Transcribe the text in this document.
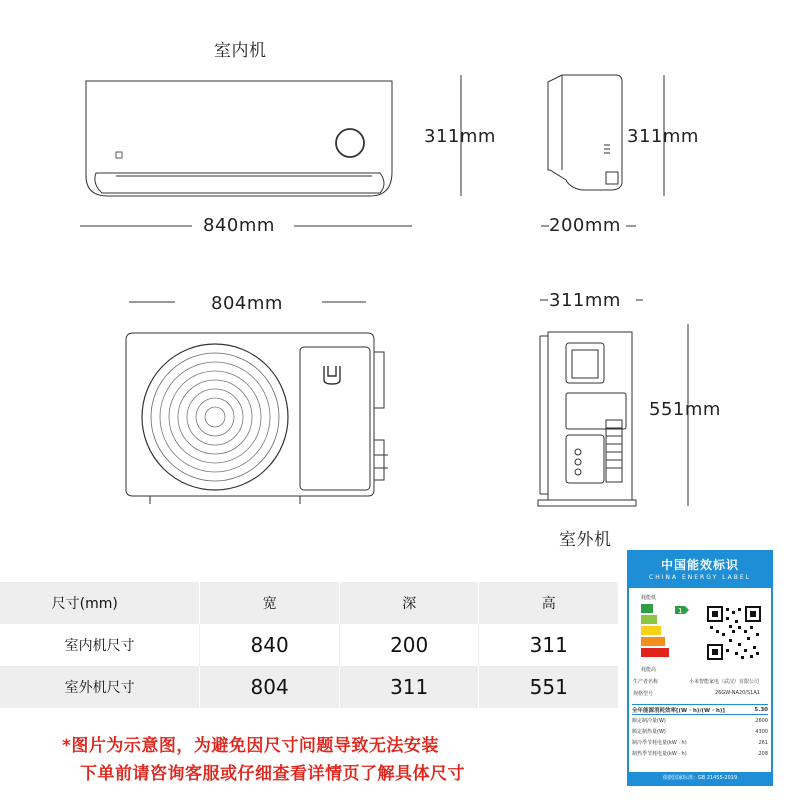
室内机
室外机
311mm	311mm
840mm	200mm
804mm	311mm
551mm
尺寸(mm)	宽	深	高
室内机尺寸	840	200	311
室外机尺寸	804	311	551
*图片为示意图，为避免因尺寸问题导致无法安装
下单前请咨询客服或仔细查看详情页了解具体尺寸
中国能效标识
CHINA ENERGY LABEL
耗能低
1
耗能高
生产者名称	小米智能家电（武汉）有限公司
规格型号	26GW-NA20/S1A1
全年能源消耗效率[(W · h)/(W · h)]	5.30
额定制冷量(W)	2600
额定制热量(W)	4300
制冷季节耗电量(kW · h)	261
制热季节耗电量(kW · h)	208
依据国家标准：GB 21455-2019
